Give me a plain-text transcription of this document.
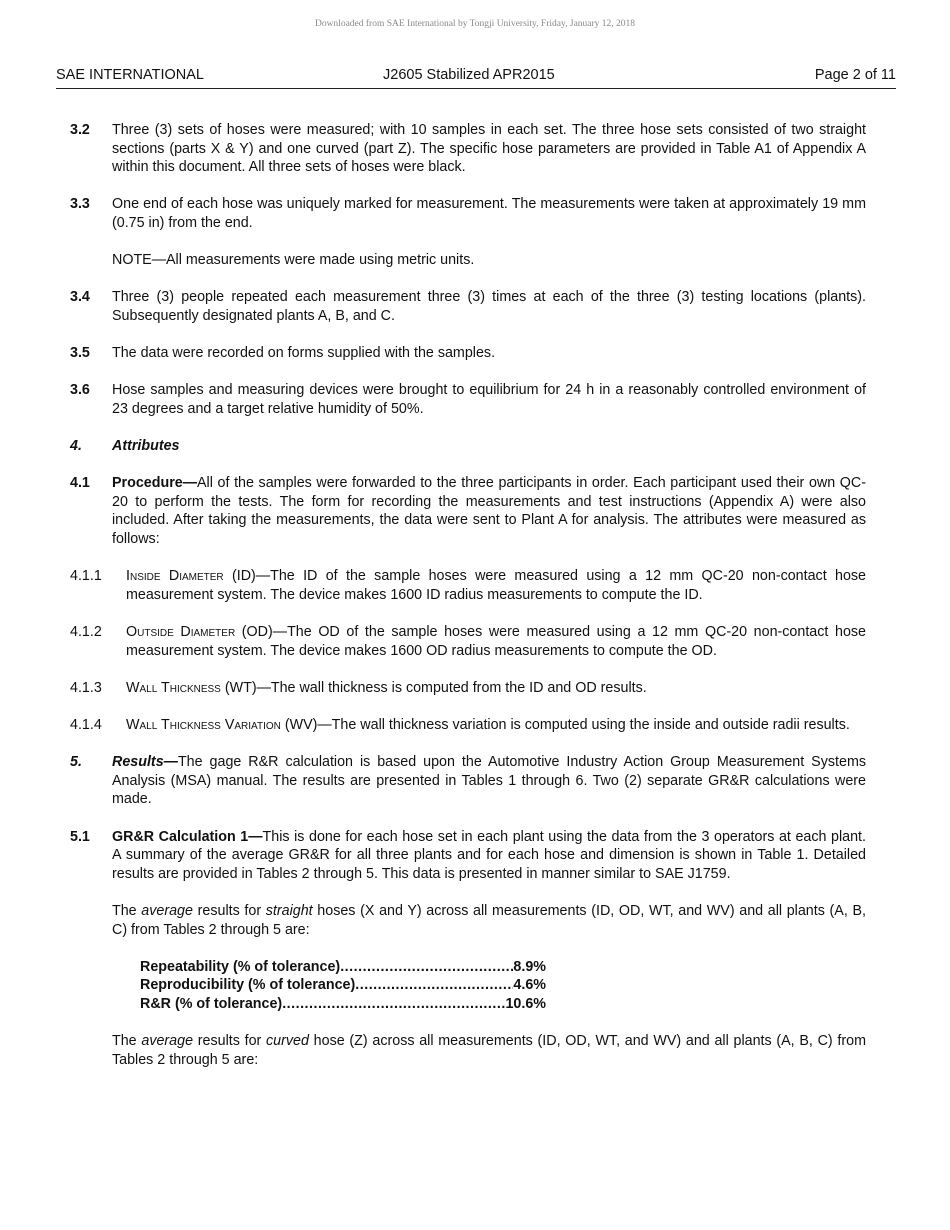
Downloaded from SAE International by Tongji University, Friday, January 12, 2018
SAE INTERNATIONAL	J2605 Stabilized APR2015	Page 2 of 11
3.2 Three (3) sets of hoses were measured; with 10 samples in each set. The three hose sets consisted of two straight sections (parts X & Y) and one curved (part Z). The specific hose parameters are provided in Table A1 of Appendix A within this document. All three sets of hoses were black.
3.3 One end of each hose was uniquely marked for measurement. The measurements were taken at approximately 19 mm (0.75 in) from the end.
NOTE—All measurements were made using metric units.
3.4 Three (3) people repeated each measurement three (3) times at each of the three (3) testing locations (plants). Subsequently designated plants A, B, and C.
3.5 The data were recorded on forms supplied with the samples.
3.6 Hose samples and measuring devices were brought to equilibrium for 24 h in a reasonably controlled environment of 23 degrees and a target relative humidity of 50%.
4. Attributes
4.1 Procedure—All of the samples were forwarded to the three participants in order. Each participant used their own QC-20 to perform the tests. The form for recording the measurements and test instructions (Appendix A) were also included. After taking the measurements, the data were sent to Plant A for analysis. The attributes were measured as follows:
4.1.1 Inside Diameter (ID)—The ID of the sample hoses were measured using a 12 mm QC-20 non-contact hose measurement system. The device makes 1600 ID radius measurements to compute the ID.
4.1.2 Outside Diameter (OD)—The OD of the sample hoses were measured using a 12 mm QC-20 non-contact hose measurement system. The device makes 1600 OD radius measurements to compute the OD.
4.1.3 Wall Thickness (WT)—The wall thickness is computed from the ID and OD results.
4.1.4 Wall Thickness Variation (WV)—The wall thickness variation is computed using the inside and outside radii results.
5. Results—The gage R&R calculation is based upon the Automotive Industry Action Group Measurement Systems Analysis (MSA) manual. The results are presented in Tables 1 through 6. Two (2) separate GR&R calculations were made.
5.1 GR&R Calculation 1—This is done for each hose set in each plant using the data from the 3 operators at each plant. A summary of the average GR&R for all three plants and for each hose and dimension is shown in Table 1. Detailed results are provided in Tables 2 through 5. This data is presented in manner similar to SAE J1759.
The average results for straight hoses (X and Y) across all measurements (ID, OD, WT, and WV) and all plants (A, B, C) from Tables 2 through 5 are:
Repeatability (% of tolerance) .....	8.9%
Reproducibility (% of tolerance) .....	4.6%
R&R (% of tolerance) .....	10.6%
The average results for curved hose (Z) across all measurements (ID, OD, WT, and WV) and all plants (A, B, C) from Tables 2 through 5 are:
